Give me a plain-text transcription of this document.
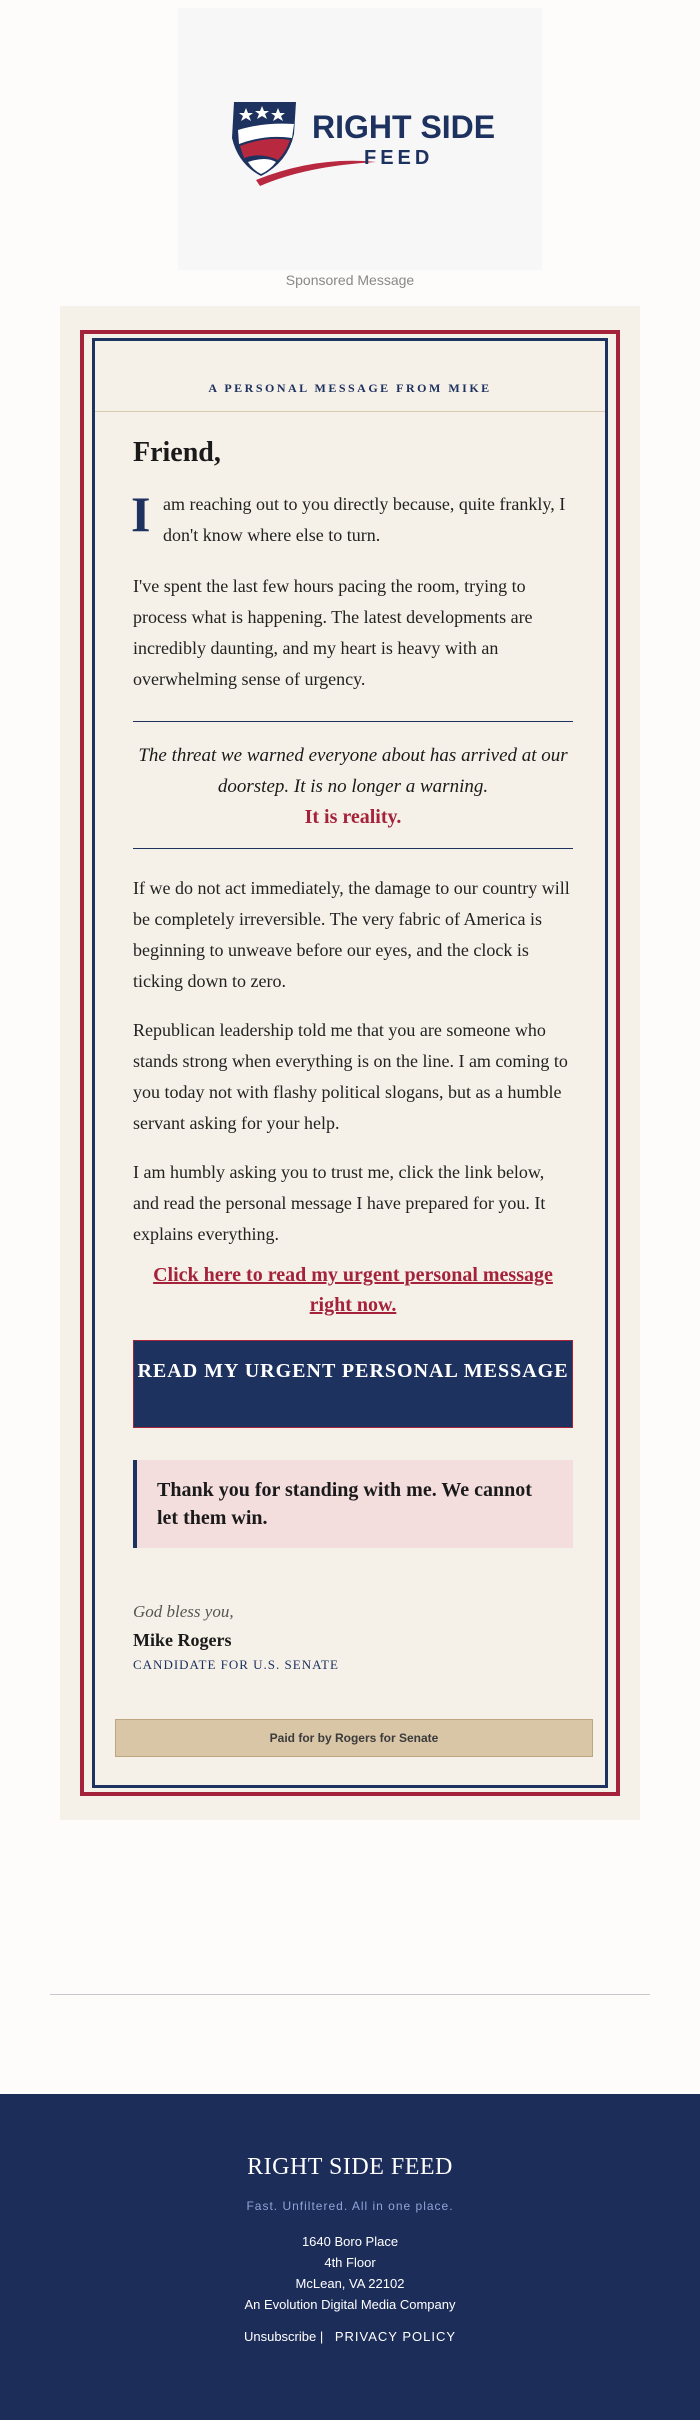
RIGHT SIDE
FEED
Sponsored Message
A PERSONAL MESSAGE FROM MIKE
Friend,
I am reaching out to you directly because, quite frankly, I don't know where else to turn.
I've spent the last few hours pacing the room, trying to process what is happening. The latest developments are incredibly daunting, and my heart is heavy with an overwhelming sense of urgency.
The threat we warned everyone about has arrived at our doorstep. It is no longer a warning.
It is reality.
If we do not act immediately, the damage to our country will be completely irreversible. The very fabric of America is beginning to unweave before our eyes, and the clock is ticking down to zero.
Republican leadership told me that you are someone who stands strong when everything is on the line. I am coming to you today not with flashy political slogans, but as a humble servant asking for your help.
I am humbly asking you to trust me, click the link below, and read the personal message I have prepared for you. It explains everything.
Click here to read my urgent personal message right now.
READ MY URGENT PERSONAL MESSAGE
Thank you for standing with me. We cannot let them win.
God bless you,
Mike Rogers
CANDIDATE FOR U.S. SENATE
Paid for by Rogers for Senate
RIGHT SIDE FEED
Fast. Unfiltered. All in one place.
1640 Boro Place
4th Floor
McLean, VA 22102
An Evolution Digital Media Company
Unsubscribe | PRIVACY POLICY
